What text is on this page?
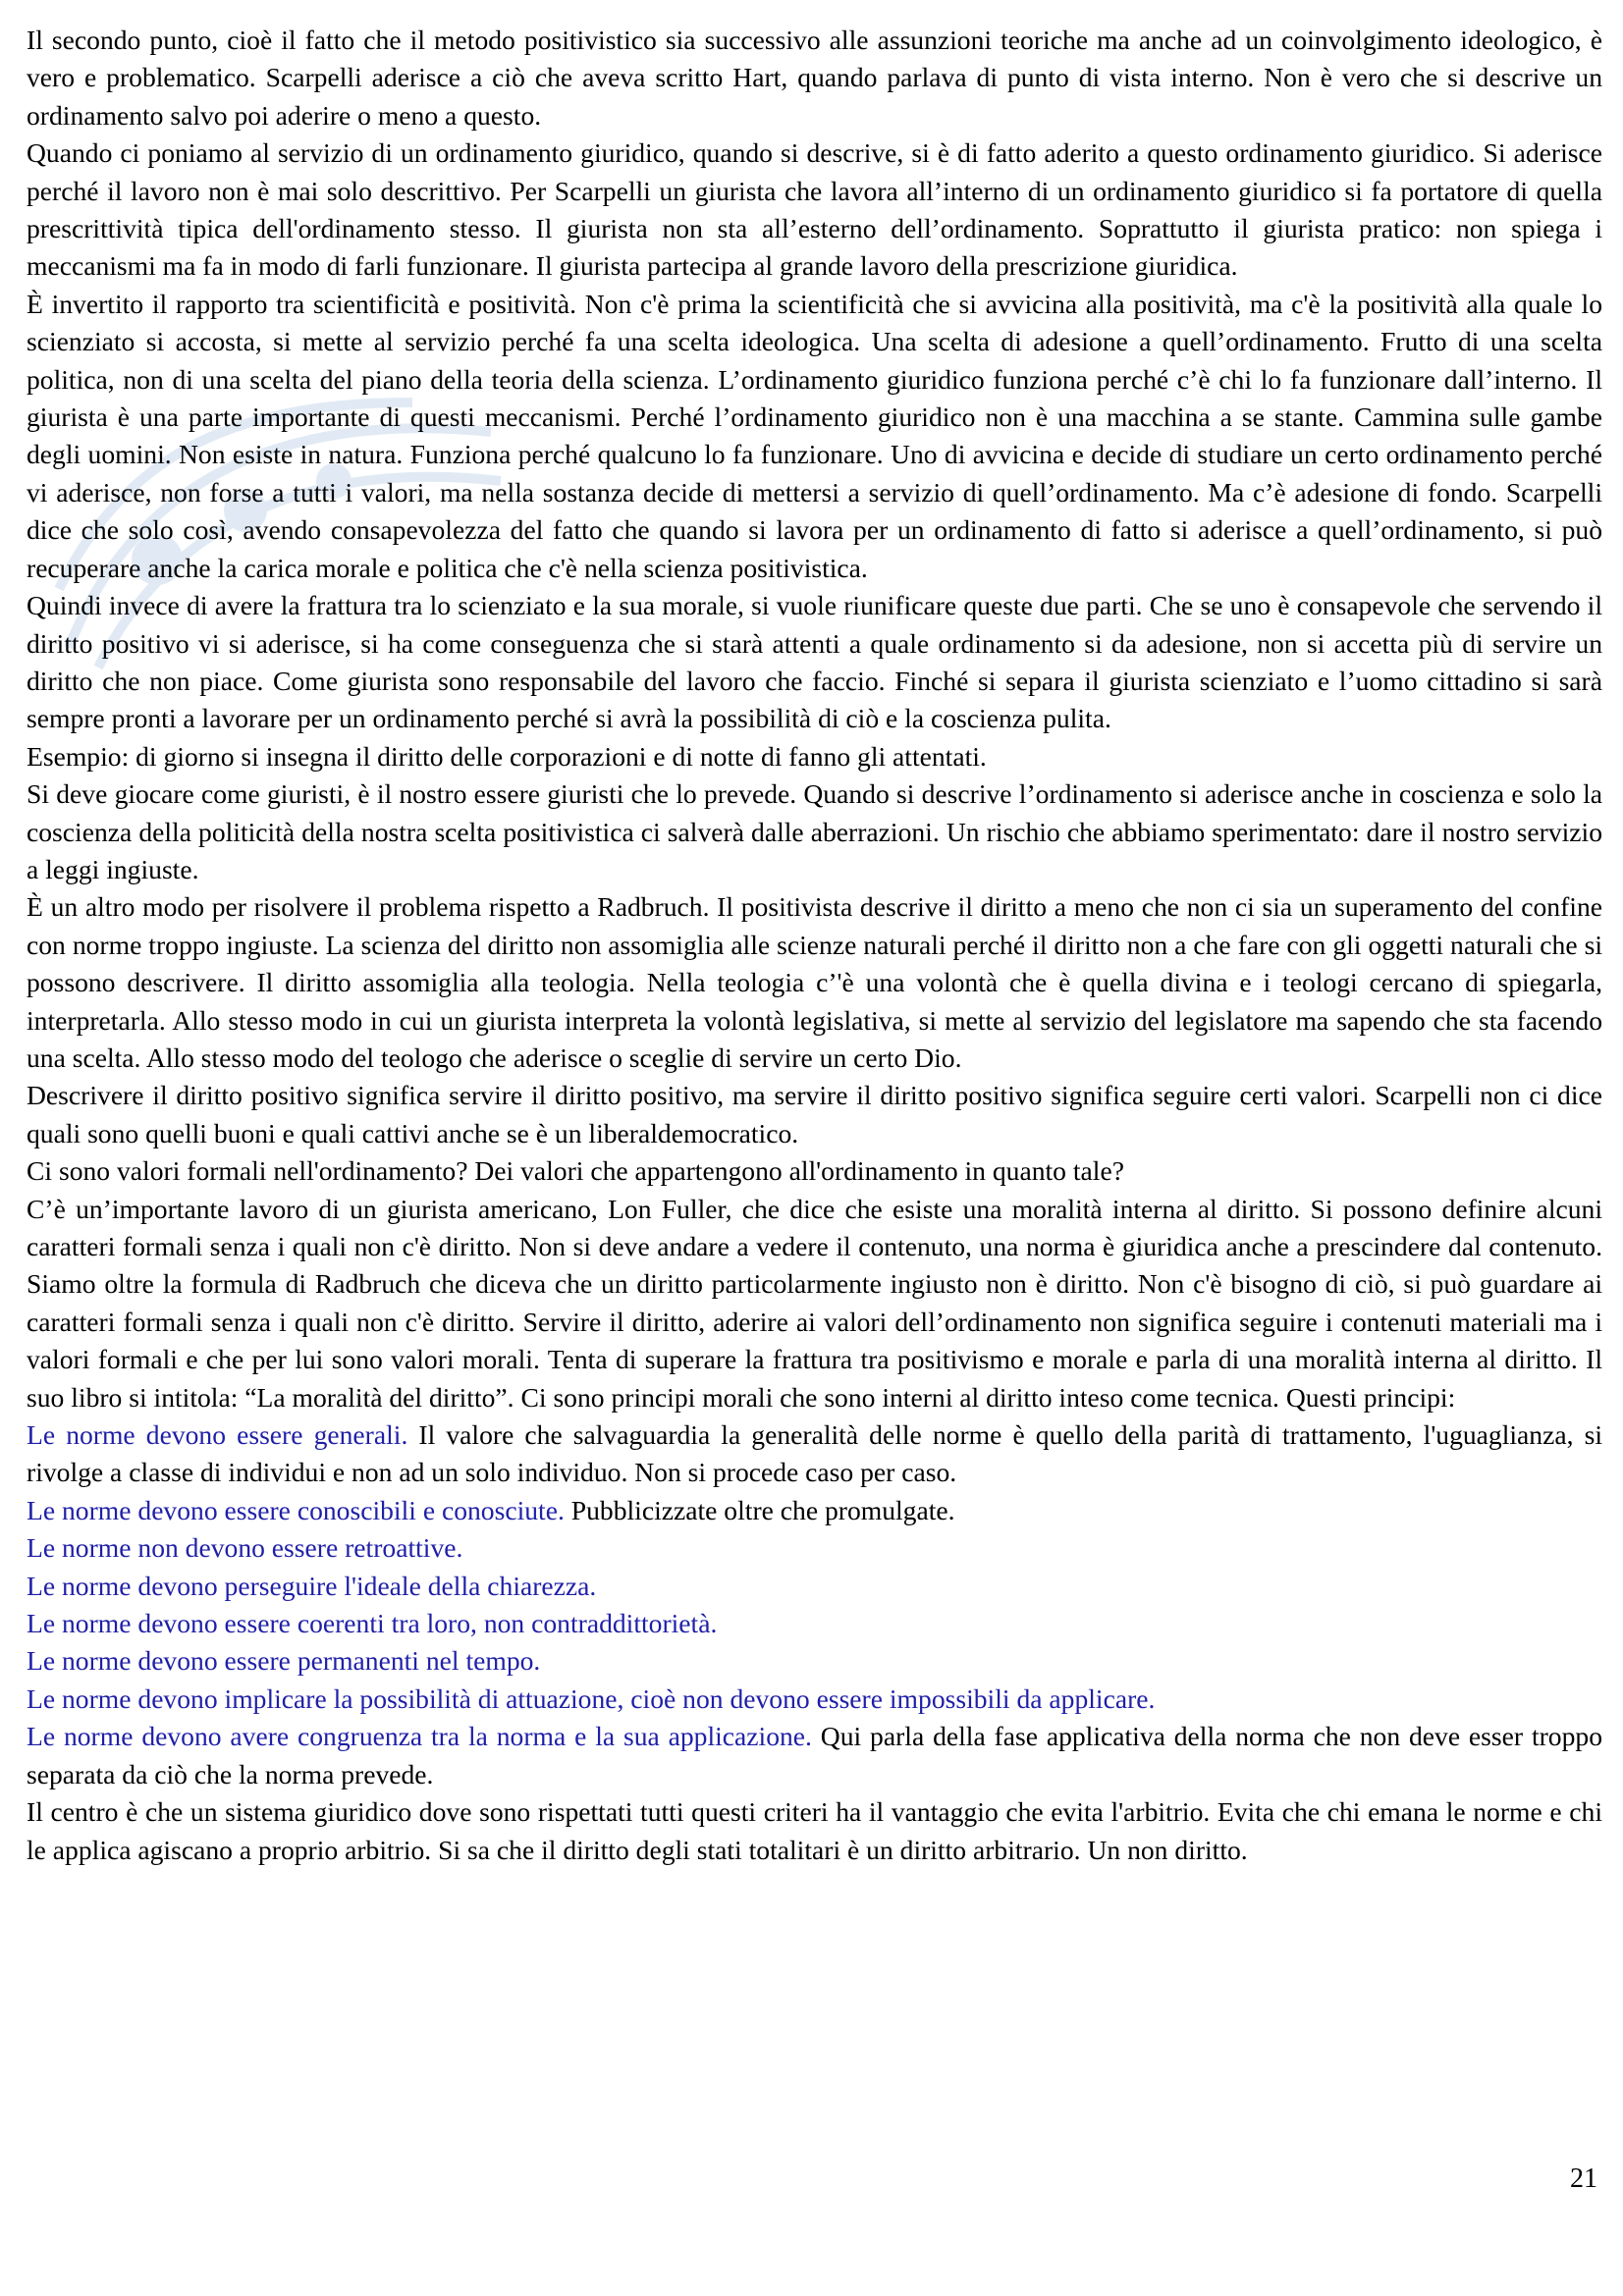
Il secondo punto, cioè il fatto che il metodo positivistico sia successivo alle assunzioni teoriche ma anche ad un coinvolgimento ideologico, è vero e problematico. Scarpelli aderisce a ciò che aveva scritto Hart, quando parlava di punto di vista interno. Non è vero che si descrive un ordinamento salvo poi aderire o meno a questo.

Quando ci poniamo al servizio di un ordinamento giuridico, quando si descrive, si è di fatto aderito a questo ordinamento giuridico. Si aderisce perché il lavoro non è mai solo descrittivo. Per Scarpelli un giurista che lavora all’interno di un ordinamento giuridico si fa portatore di quella prescrittività tipica dell'ordinamento stesso. Il giurista non sta all’esterno dell’ordinamento. Soprattutto il giurista pratico: non spiega i meccanismi ma fa in modo di farli funzionare. Il giurista partecipa al grande lavoro della prescrizione giuridica.

È invertito il rapporto tra scientificità e positività. Non c'è prima la scientificità che si avvicina alla positività, ma c'è la positività alla quale lo scienziato si accosta, si mette al servizio perché fa una scelta ideologica. Una scelta di adesione a quell’ordinamento. Frutto di una scelta politica, non di una scelta del piano della teoria della scienza. L’ordinamento giuridico funziona perché c’è chi lo fa funzionare dall’interno. Il giurista è una parte importante di questi meccanismi. Perché l’ordinamento giuridico non è una macchina a se stante. Cammina sulle gambe degli uomini. Non esiste in natura. Funziona perché qualcuno lo fa funzionare. Uno di avvicina e decide di studiare un certo ordinamento perché vi aderisce, non forse a tutti i valori, ma nella sostanza decide di mettersi a servizio di quell’ordinamento. Ma c’è adesione di fondo. Scarpelli dice che solo così, avendo consapevolezza del fatto che quando si lavora per un ordinamento di fatto si aderisce a quell’ordinamento, si può recuperare anche la carica morale e politica che c'è nella scienza positivistica.

Quindi invece di avere la frattura tra lo scienziato e la sua morale, si vuole riunificare queste due parti. Che se uno è consapevole che servendo il diritto positivo vi si aderisce, si ha come conseguenza che si starà attenti a quale ordinamento si da adesione, non si accetta più di servire un diritto che non piace. Come giurista sono responsabile del lavoro che faccio. Finché si separa il giurista scienziato e l’uomo cittadino si sarà sempre pronti a lavorare per un ordinamento perché si avrà la possibilità di ciò e la coscienza pulita.

Esempio: di giorno si insegna il diritto delle corporazioni e di notte di fanno gli attentati.

Si deve giocare come giuristi, è il nostro essere giuristi che lo prevede. Quando si descrive l’ordinamento si aderisce anche in coscienza e solo la coscienza della politicità della nostra scelta positivistica ci salverà dalle aberrazioni. Un rischio che abbiamo sperimentato: dare il nostro servizio a leggi ingiuste.

È un altro modo per risolvere il problema rispetto a Radbruch. Il positivista descrive il diritto a meno che non ci sia un superamento del confine con norme troppo ingiuste. La scienza del diritto non assomiglia alle scienze naturali perché il diritto non a che fare con gli oggetti naturali che si possono descrivere. Il diritto assomiglia alla teologia. Nella teologia c’'è una volontà che è quella divina e i teologi cercano di spiegarla, interpretarla. Allo stesso modo in cui un giurista interpreta la volontà legislativa, si mette al servizio del legislatore ma sapendo che sta facendo una scelta. Allo stesso modo del teologo che aderisce o sceglie di servire un certo Dio.

Descrivere il diritto positivo significa servire il diritto positivo, ma servire il diritto positivo significa seguire certi valori. Scarpelli non ci dice quali sono quelli buoni e quali cattivi anche se è un liberaldemocratico.

Ci sono valori formali nell'ordinamento? Dei valori che appartengono all'ordinamento in quanto tale?

C’è un’importante lavoro di un giurista americano, Lon Fuller, che dice che esiste una moralità interna al diritto. Si possono definire alcuni caratteri formali senza i quali non c'è diritto. Non si deve andare a vedere il contenuto, una norma è giuridica anche a prescindere dal contenuto. Siamo oltre la formula di Radbruch che diceva che un diritto particolarmente ingiusto non è diritto. Non c'è bisogno di ciò, si può guardare ai caratteri formali senza i quali non c'è diritto. Servire il diritto, aderire ai valori dell’ordinamento non significa seguire i contenuti materiali ma i valori formali e che per lui sono valori morali. Tenta di superare la frattura tra positivismo e morale e parla di una moralità interna al diritto. Il suo libro si intitola: “La moralità del diritto”. Ci sono principi morali che sono interni al diritto inteso come tecnica. Questi principi:

Le norme devono essere generali. Il valore che salvaguardia la generalità delle norme è quello della parità di trattamento, l'uguaglianza, si rivolge a classe di individui e non ad un solo individuo. Non si procede caso per caso.

Le norme devono essere conoscibili e conosciute. Pubblicizzate oltre che promulgate.

Le norme non devono essere retroattive.

Le norme devono perseguire l'ideale della chiarezza.

Le norme devono essere coerenti tra loro, non contraddittorietà.

Le norme devono essere permanenti nel tempo.

Le norme devono implicare la possibilità di attuazione, cioè non devono essere impossibili da applicare.

Le norme devono avere congruenza tra la norma e la sua applicazione. Qui parla della fase applicativa della norma che non deve esser troppo separata da ciò che la norma prevede.

Il centro è che un sistema giuridico dove sono rispettati tutti questi criteri ha il vantaggio che evita l'arbitrio. Evita che chi emana le norme e chi le applica agiscano a proprio arbitrio. Si sa che il diritto degli stati totalitari è un diritto arbitrario. Un non diritto.

21
